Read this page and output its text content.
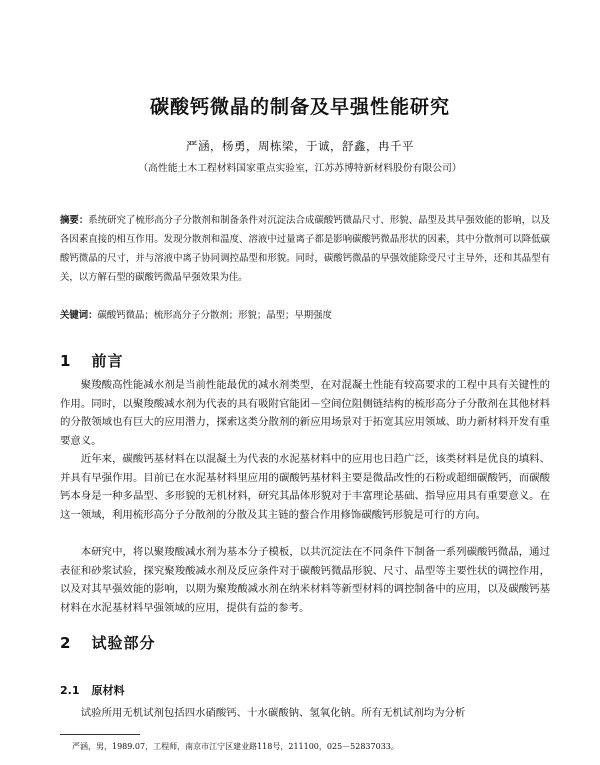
碳酸钙微晶的制备及早强性能研究
严涵，杨勇，周栋梁，于诚，舒鑫，冉千平
（高性能土木工程材料国家重点实验室，江苏苏博特新材料股份有限公司）

摘要：系统研究了梳形高分子分散剂和制备条件对沉淀法合成碳酸钙微晶尺寸、形貌、晶型及其早强效能的影响，以及各因素直接的相互作用。发现分散剂和温度、溶液中过量离子都是影响碳酸钙微晶形状的因素，其中分散剂可以降低碳酸钙微晶的尺寸，并与溶液中离子协同调控晶型和形貌。同时，碳酸钙微晶的早强效能除受尺寸主导外，还和其晶型有关，以方解石型的碳酸钙微晶早强效果为佳。

关键词：碳酸钙微晶；梳形高分子分散剂；形貌；晶型；早期强度

1 前言

聚羧酸高性能减水剂是当前性能最优的减水剂类型，在对混凝土性能有较高要求的工程中具有关键性的作用。同时，以聚羧酸减水剂为代表的具有吸附官能团－空间位阻侧链结构的梳形高分子分散剂在其他材料的分散领域也有巨大的应用潜力，探索这类分散剂的新应用场景对于拓宽其应用领域、助力新材料开发有重要意义。

近年来，碳酸钙基材料在以混凝土为代表的水泥基材料中的应用也日趋广泛，该类材料是优良的填料、并具有早强作用。目前已在水泥基材料里应用的碳酸钙基材料主要是微晶改性的石粉或超细碳酸钙，而碳酸钙本身是一种多晶型、多形貌的无机材料，研究其晶体形貌对于丰富理论基础、指导应用具有重要意义。在这一领域，利用梳形高分子分散剂的分散及其主链的螯合作用修饰碳酸钙形貌是可行的方向。

本研究中，将以聚羧酸减水剂为基本分子模板，以共沉淀法在不同条件下制备一系列碳酸钙微晶，通过表征和砂浆试验，探究聚羧酸减水剂及反应条件对于碳酸钙微晶形貌、尺寸、晶型等主要性状的调控作用，以及对其早强效能的影响，以期为聚羧酸减水剂在纳米材料等新型材料的调控制备中的应用，以及碳酸钙基材料在水泥基材料早强领域的应用，提供有益的参考。

2 试验部分
2.1 原材料

试验所用无机试剂包括四水硝酸钙、十水碳酸钠、氢氧化钠。所有无机试剂均为分析

严涵，男，1989.07，工程师，南京市江宁区建业路118号，211100，025－52837033。
